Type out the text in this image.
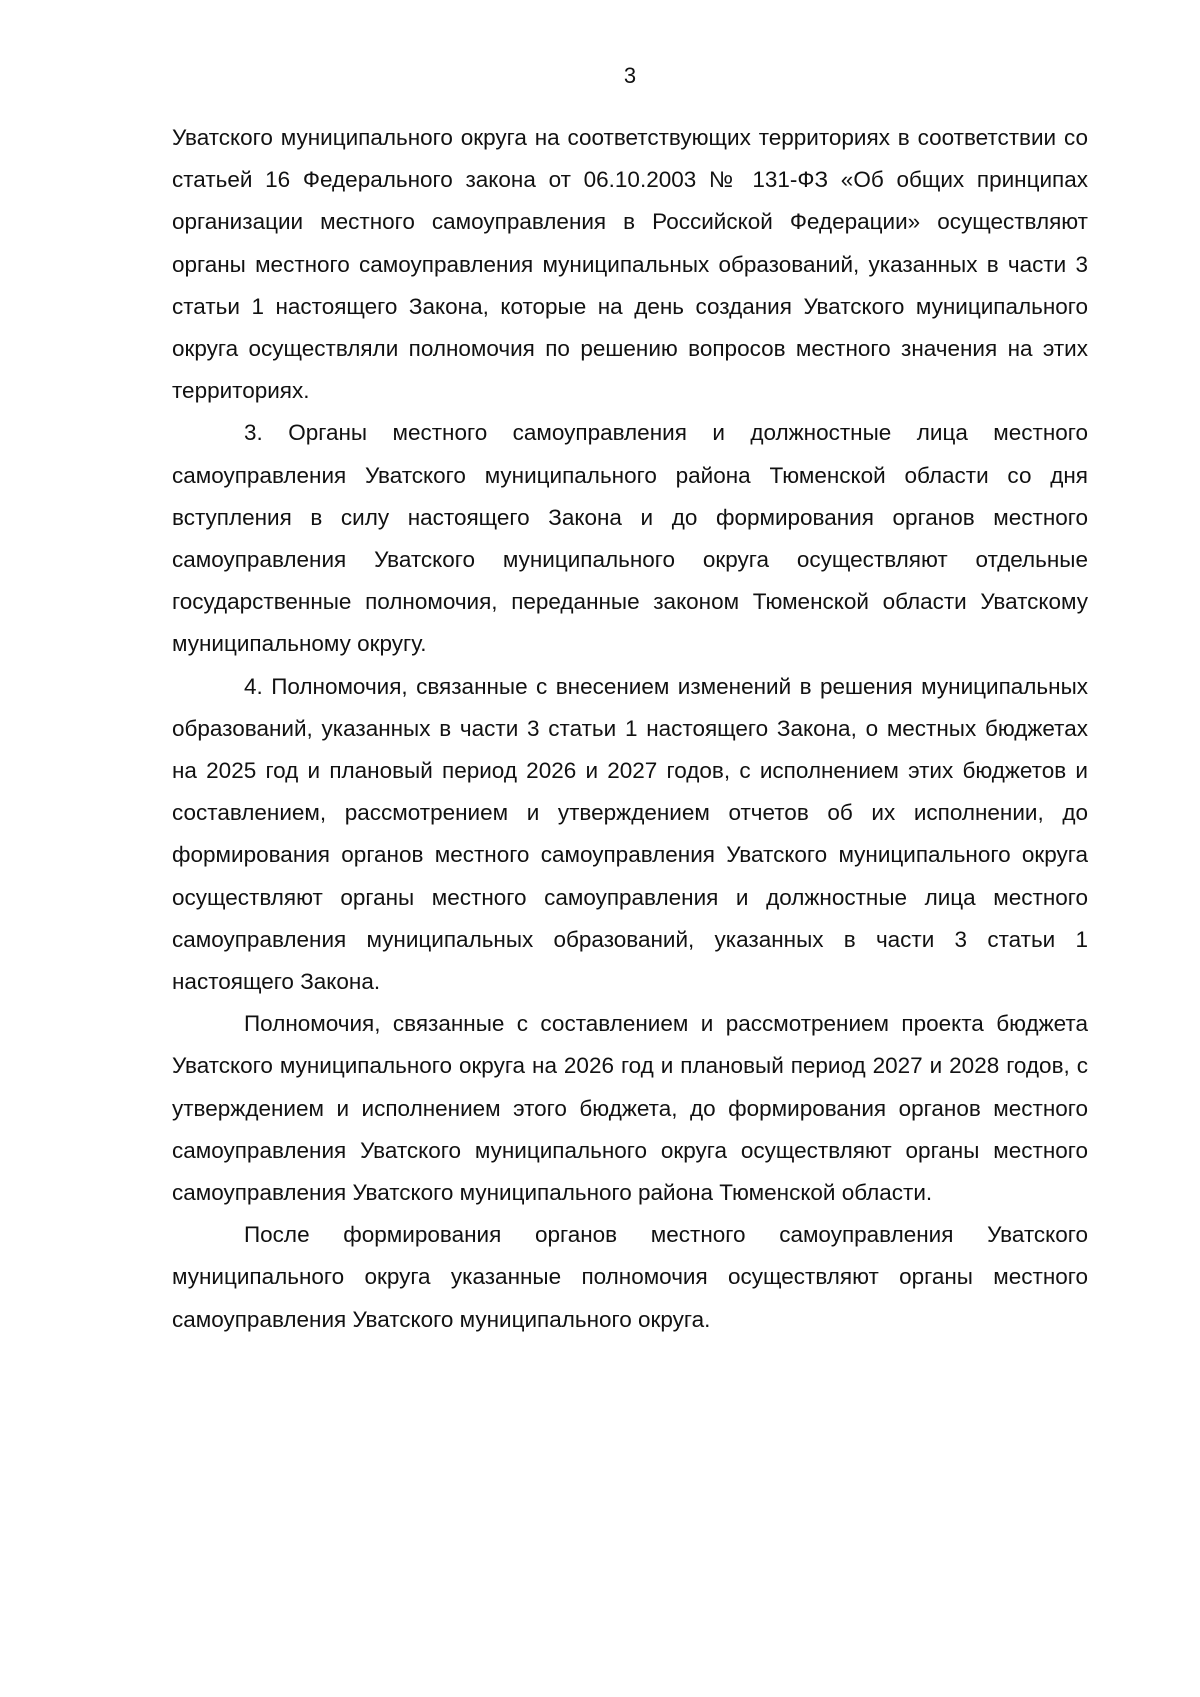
3

Уватского муниципального округа на соответствующих территориях в соответствии со статьей 16 Федерального закона от 06.10.2003 № 131-ФЗ «Об общих принципах организации местного самоуправления в Российской Федерации» осуществляют органы местного самоуправления муниципальных образований, указанных в части 3 статьи 1 настоящего Закона, которые на день создания Уватского муниципального округа осуществляли полномочия по решению вопросов местного значения на этих территориях.

3. Органы местного самоуправления и должностные лица местного самоуправления Уватского муниципального района Тюменской области со дня вступления в силу настоящего Закона и до формирования органов местного самоуправления Уватского муниципального округа осуществляют отдельные государственные полномочия, переданные законом Тюменской области Уватскому муниципальному округу.

4. Полномочия, связанные с внесением изменений в решения муниципальных образований, указанных в части 3 статьи 1 настоящего Закона, о местных бюджетах на 2025 год и плановый период 2026 и 2027 годов, с исполнением этих бюджетов и составлением, рассмотрением и утверждением отчетов об их исполнении, до формирования органов местного самоуправления Уватского муниципального округа осуществляют органы местного самоуправления и должностные лица местного самоуправления муниципальных образований, указанных в части 3 статьи 1 настоящего Закона.

Полномочия, связанные с составлением и рассмотрением проекта бюджета Уватского муниципального округа на 2026 год и плановый период 2027 и 2028 годов, с утверждением и исполнением этого бюджета, до формирования органов местного самоуправления Уватского муниципального округа осуществляют органы местного самоуправления Уватского муниципального района Тюменской области.

После формирования органов местного самоуправления Уватского муниципального округа указанные полномочия осуществляют органы местного самоуправления Уватского муниципального округа.
